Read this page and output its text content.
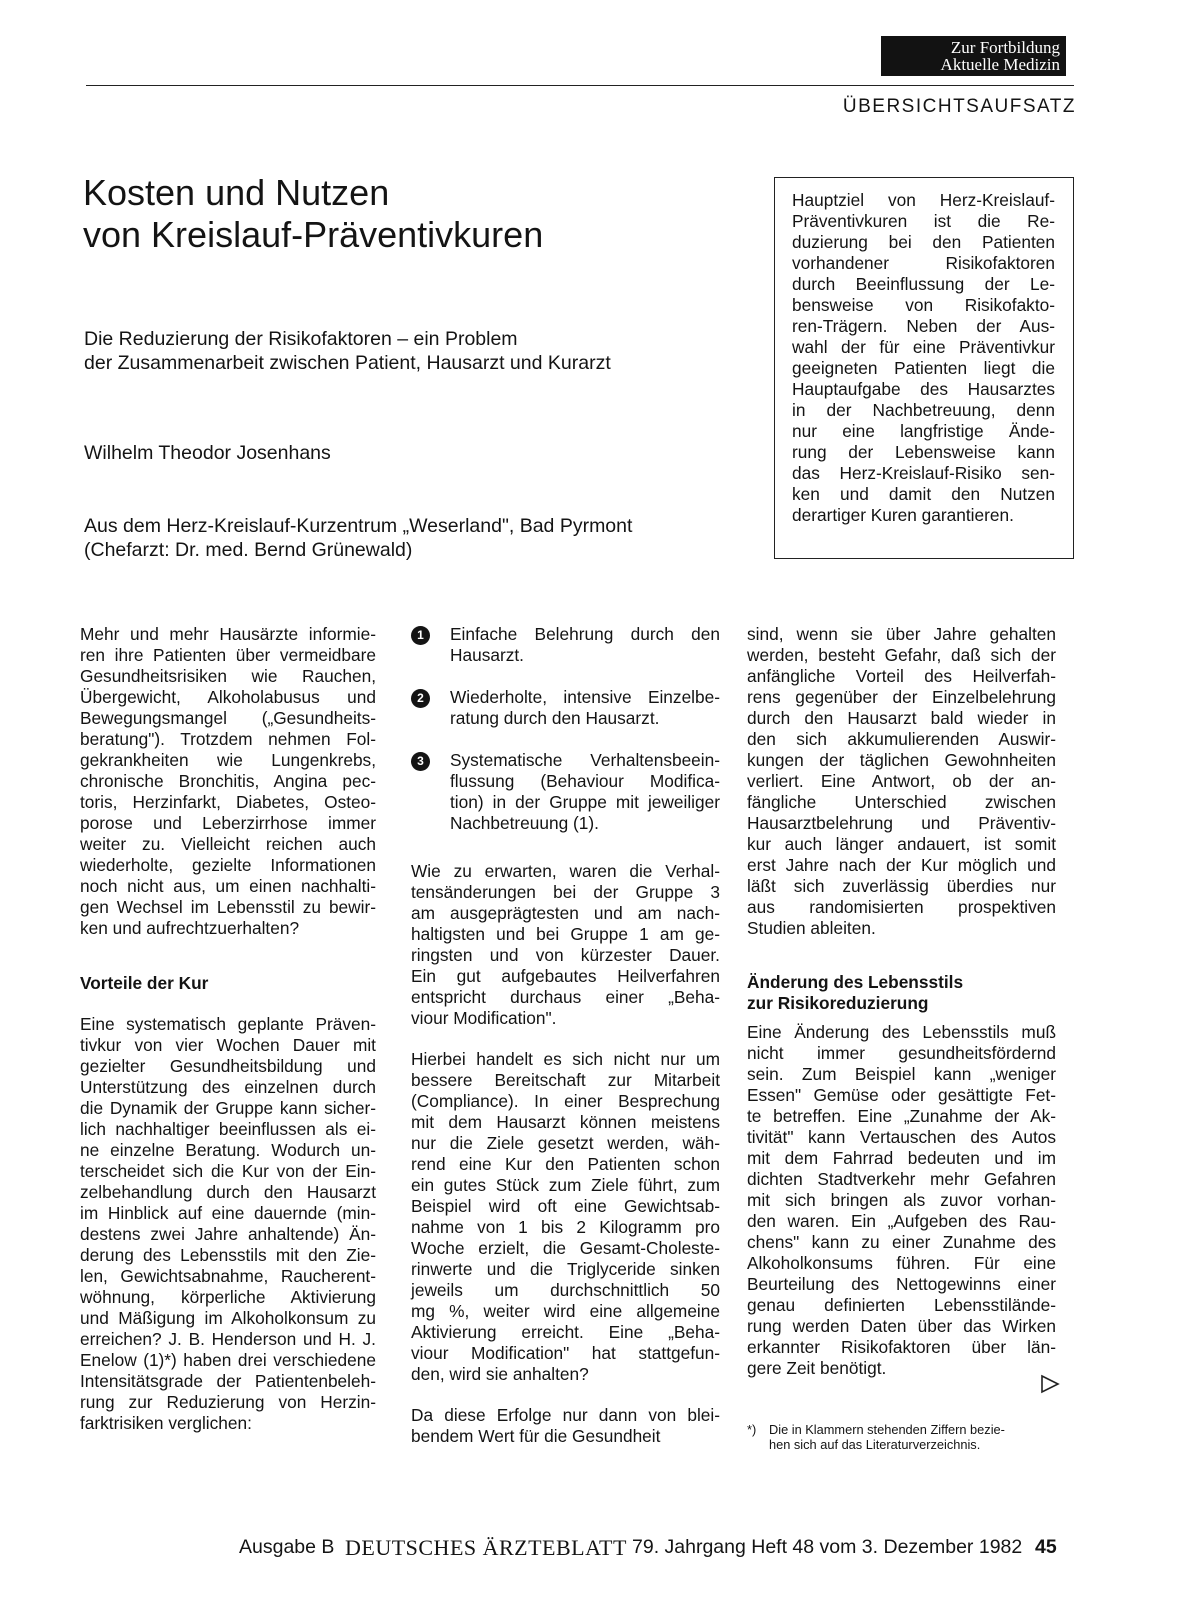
Zur Fortbildung
Aktuelle Medizin
ÜBERSICHTSAUFSATZ
Kosten und Nutzen
von Kreislauf-Präventivkuren
Die Reduzierung der Risikofaktoren – ein Problem
der Zusammenarbeit zwischen Patient, Hausarzt und Kurarzt
Wilhelm Theodor Josenhans
Aus dem Herz-Kreislauf-Kurzentrum „Weserland", Bad Pyrmont
(Chefarzt: Dr. med. Bernd Grünewald)
Hauptziel von Herz-Kreislauf-
Präventivkuren ist die Re-
duzierung bei den Patienten
vorhandener Risikofaktoren
durch Beeinflussung der Le-
bensweise von Risikofakto-
ren-Trägern. Neben der Aus-
wahl der für eine Präventivkur
geeigneten Patienten liegt die
Hauptaufgabe des Hausarztes
in der Nachbetreuung, denn
nur eine langfristige Ände-
rung der Lebensweise kann
das Herz-Kreislauf-Risiko sen-
ken und damit den Nutzen
derartiger Kuren garantieren.
Mehr und mehr Hausärzte informie-
ren ihre Patienten über vermeidbare
Gesundheitsrisiken wie Rauchen,
Übergewicht, Alkoholabusus und
Bewegungsmangel („Gesundheits-
beratung"). Trotzdem nehmen Fol-
gekrankheiten wie Lungenkrebs,
chronische Bronchitis, Angina pec-
toris, Herzinfarkt, Diabetes, Osteo-
porose und Leberzirrhose immer
weiter zu. Vielleicht reichen auch
wiederholte, gezielte Informationen
noch nicht aus, um einen nachhalti-
gen Wechsel im Lebensstil zu bewir-
ken und aufrechtzuerhalten?
Vorteile der Kur
Eine systematisch geplante Präven-
tivkur von vier Wochen Dauer mit
gezielter Gesundheitsbildung und
Unterstützung des einzelnen durch
die Dynamik der Gruppe kann sicher-
lich nachhaltiger beeinflussen als ei-
ne einzelne Beratung. Wodurch un-
terscheidet sich die Kur von der Ein-
zelbehandlung durch den Hausarzt
im Hinblick auf eine dauernde (min-
destens zwei Jahre anhaltende) Än-
derung des Lebensstils mit den Zie-
len, Gewichtsabnahme, Raucherent-
wöhnung, körperliche Aktivierung
und Mäßigung im Alkoholkonsum zu
erreichen? J. B. Henderson und H. J.
Enelow (1)*) haben drei verschiedene
Intensitätsgrade der Patientenbeleh-
rung zur Reduzierung von Herzin-
farktrisiken verglichen:
1	Einfache Belehrung durch den
Hausarzt.
2	Wiederholte, intensive Einzelbe-
ratung durch den Hausarzt.
3	Systematische Verhaltensbeein-
flussung (Behaviour Modifica-
tion) in der Gruppe mit jeweiliger
Nachbetreuung (1).
Wie zu erwarten, waren die Verhal-
tensänderungen bei der Gruppe 3
am ausgeprägtesten und am nach-
haltigsten und bei Gruppe 1 am ge-
ringsten und von kürzester Dauer.
Ein gut aufgebautes Heilverfahren
entspricht durchaus einer „Beha-
viour Modification".
Hierbei handelt es sich nicht nur um
bessere Bereitschaft zur Mitarbeit
(Compliance). In einer Besprechung
mit dem Hausarzt können meistens
nur die Ziele gesetzt werden, wäh-
rend eine Kur den Patienten schon
ein gutes Stück zum Ziele führt, zum
Beispiel wird oft eine Gewichtsab-
nahme von 1 bis 2 Kilogramm pro
Woche erzielt, die Gesamt-Choleste-
rinwerte und die Triglyceride sinken
jeweils um durchschnittlich 50
mg %, weiter wird eine allgemeine
Aktivierung erreicht. Eine „Beha-
viour Modification" hat stattgefun-
den, wird sie anhalten?
Da diese Erfolge nur dann von blei-
bendem Wert für die Gesundheit
sind, wenn sie über Jahre gehalten
werden, besteht Gefahr, daß sich der
anfängliche Vorteil des Heilverfah-
rens gegenüber der Einzelbelehrung
durch den Hausarzt bald wieder in
den sich akkumulierenden Auswir-
kungen der täglichen Gewohnheiten
verliert. Eine Antwort, ob der an-
fängliche Unterschied zwischen
Hausarztbelehrung und Präventiv-
kur auch länger andauert, ist somit
erst Jahre nach der Kur möglich und
läßt sich zuverlässig überdies nur
aus randomisierten prospektiven
Studien ableiten.
Änderung des Lebensstils
zur Risikoreduzierung
Eine Änderung des Lebensstils muß
nicht immer gesundheitsfördernd
sein. Zum Beispiel kann „weniger
Essen" Gemüse oder gesättigte Fet-
te betreffen. Eine „Zunahme der Ak-
tivität" kann Vertauschen des Autos
mit dem Fahrrad bedeuten und im
dichten Stadtverkehr mehr Gefahren
mit sich bringen als zuvor vorhan-
den waren. Ein „Aufgeben des Rau-
chens" kann zu einer Zunahme des
Alkoholkonsums führen. Für eine
Beurteilung des Nettogewinns einer
genau definierten Lebensstilände-
rung werden Daten über das Wirken
erkannter Risikofaktoren über län-
gere Zeit benötigt.
*) Die in Klammern stehenden Ziffern bezie-
hen sich auf das Literaturverzeichnis.
Ausgabe B DEUTSCHES ÄRZTEBLATT 79. Jahrgang Heft 48 vom 3. Dezember 1982 45
